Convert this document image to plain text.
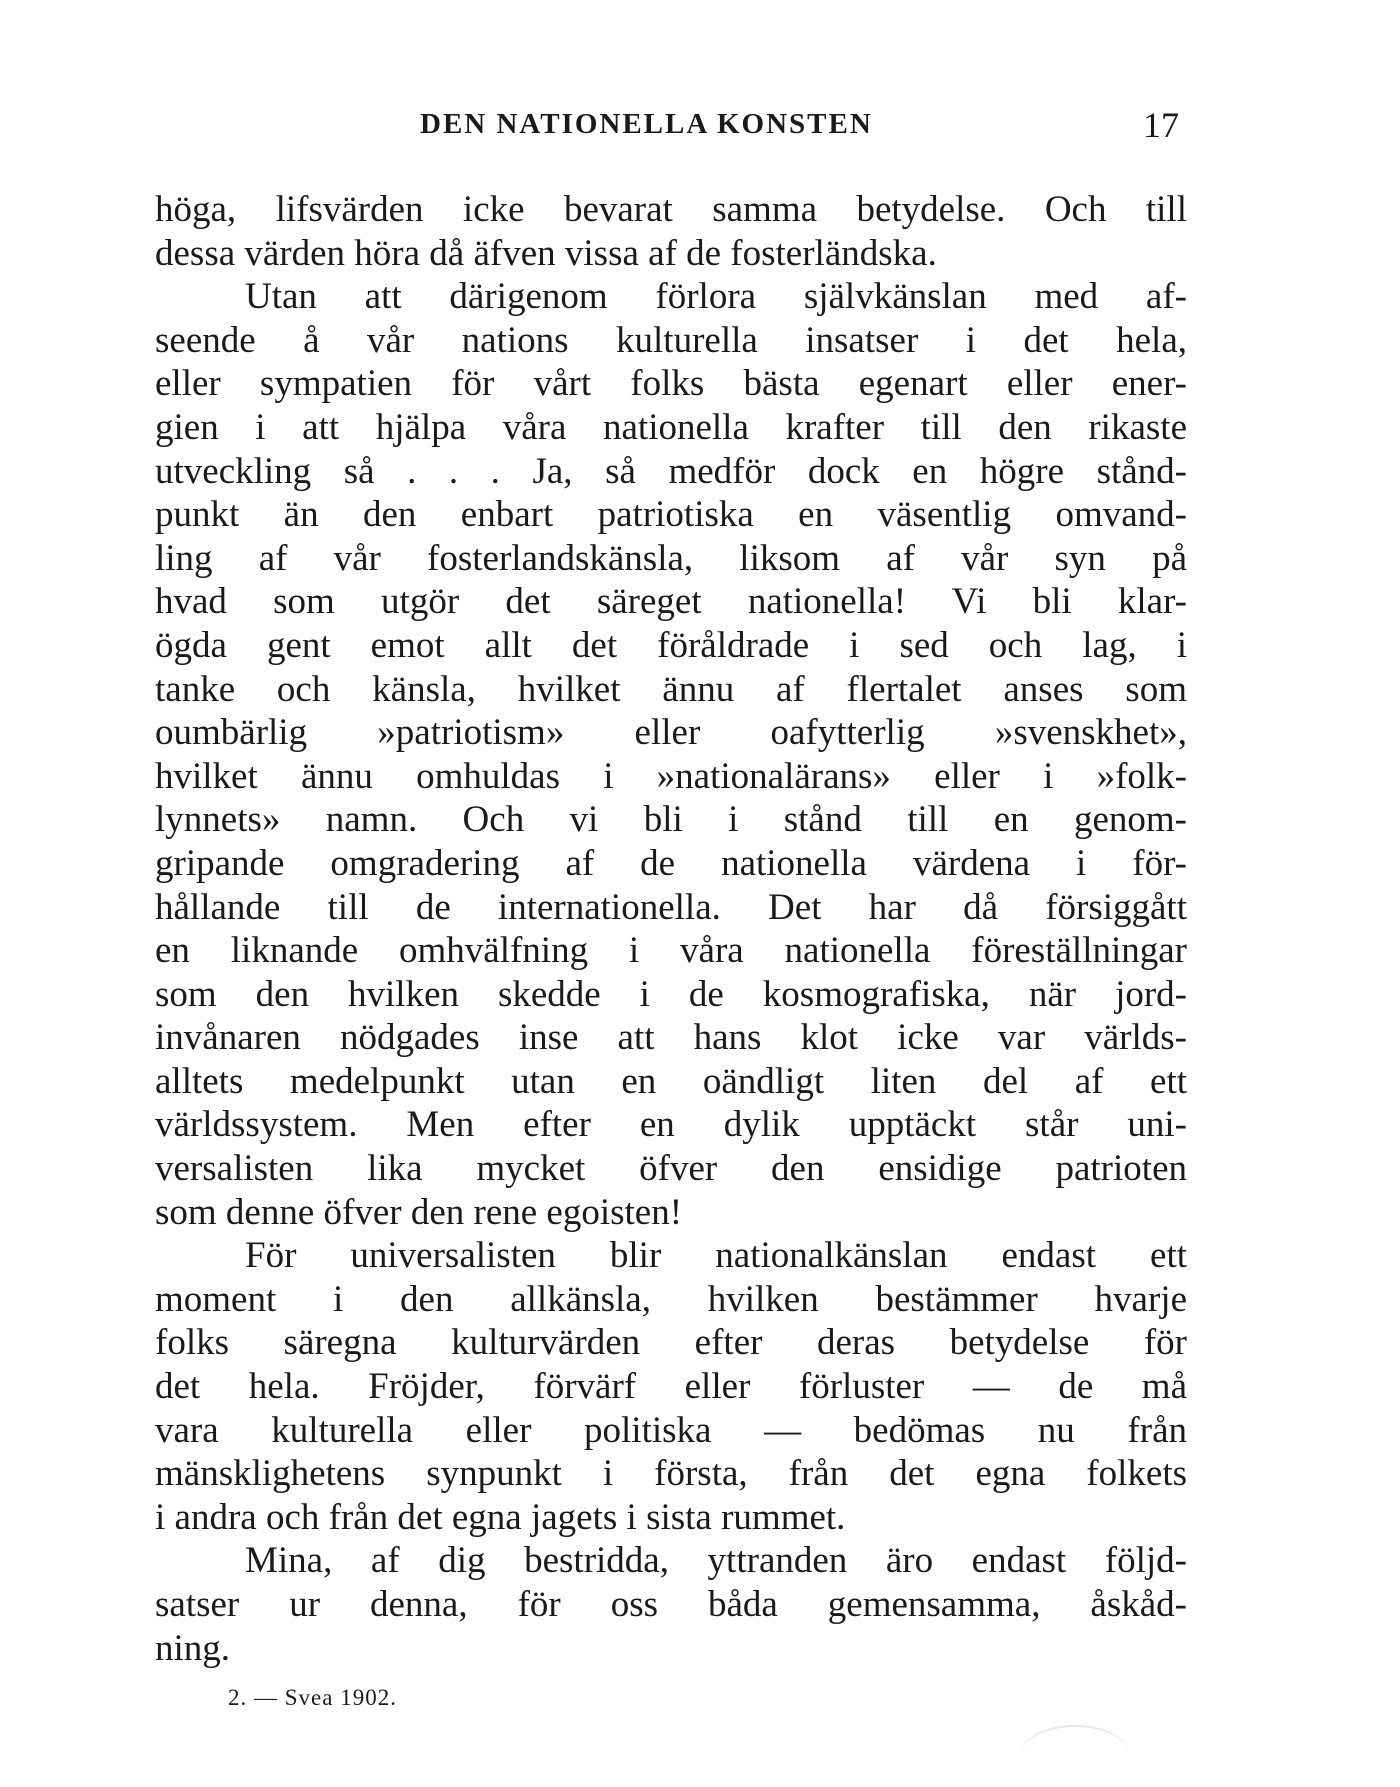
DEN NATIONELLA KONSTEN	17
höga, lifsvärden icke bevarat samma betydelse. Och till
dessa värden höra då äfven vissa af de fosterländska.
Utan att därigenom förlora självkänslan med af-
seende å vår nations kulturella insatser i det hela,
eller sympatien för vårt folks bästa egenart eller ener-
gien i att hjälpa våra nationella krafter till den rikaste
utveckling så . . . Ja, så medför dock en högre stånd-
punkt än den enbart patriotiska en väsentlig omvand-
ling af vår fosterlandskänsla, liksom af vår syn på
hvad som utgör det säreget nationella! Vi bli klar-
ögda gent emot allt det föråldrade i sed och lag, i
tanke och känsla, hvilket ännu af flertalet anses som
oumbärlig »patriotism» eller oafytterlig »svenskhet»,
hvilket ännu omhuldas i »nationalärans» eller i »folk-
lynnets» namn. Och vi bli i stånd till en genom-
gripande omgradering af de nationella värdena i för-
hållande till de internationella. Det har då försiggått
en liknande omhvälfning i våra nationella föreställningar
som den hvilken skedde i de kosmografiska, när jord-
invånaren nödgades inse att hans klot icke var världs-
alltets medelpunkt utan en oändligt liten del af ett
världssystem. Men efter en dylik upptäckt står uni-
versalisten lika mycket öfver den ensidige patrioten
som denne öfver den rene egoisten!
För universalisten blir nationalkänslan endast ett
moment i den allkänsla, hvilken bestämmer hvarje
folks säregna kulturvärden efter deras betydelse för
det hela. Fröjder, förvärf eller förluster — de må
vara kulturella eller politiska — bedömas nu från
mänsklighetens synpunkt i första, från det egna folkets
i andra och från det egna jagets i sista rummet.
Mina, af dig bestridda, yttranden äro endast följd-
satser ur denna, för oss båda gemensamma, åskåd-
ning.
2. — Svea 1902.
